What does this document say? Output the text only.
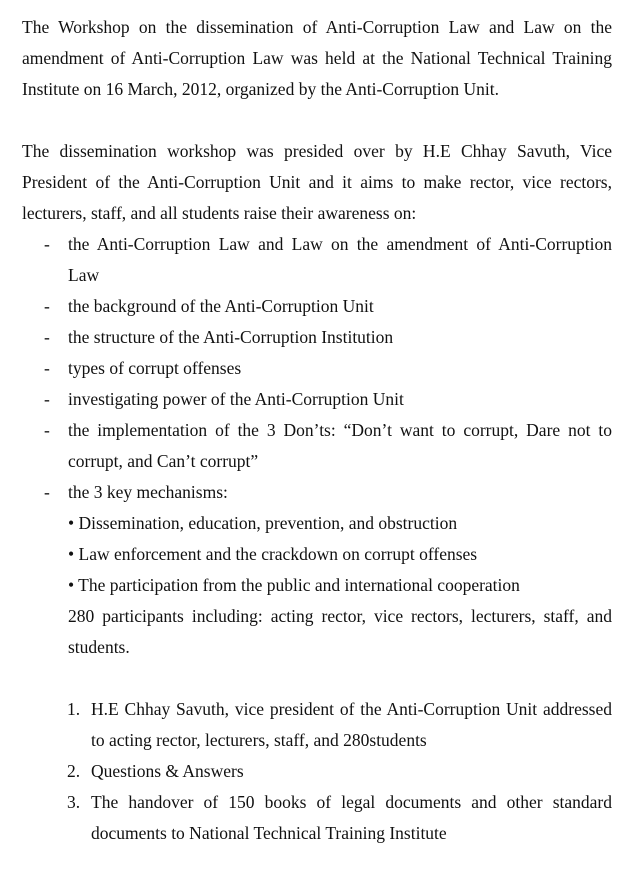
The Workshop on the dissemination of Anti-Corruption Law and Law on the amendment of Anti-Corruption Law was held at the National Technical Training Institute on 16 March, 2012, organized by the Anti-Corruption Unit.

The dissemination workshop was presided over by H.E Chhay Savuth, Vice President of the Anti-Corruption Unit and it aims to make rector, vice rectors, lecturers, staff, and all students raise their awareness on:

- the Anti-Corruption Law and Law on the amendment of Anti-Corruption Law
- the background of the Anti-Corruption Unit
- the structure of the Anti-Corruption Institution
- types of corrupt offenses
- investigating power of the Anti-Corruption Unit
- the implementation of the 3 Don’ts: “Don’t want to corrupt, Dare not to corrupt, and Can’t corrupt”
- the 3 key mechanisms:
• Dissemination, education, prevention, and obstruction
• Law enforcement and the crackdown on corrupt offenses
• The participation from the public and international cooperation

280 participants including: acting rector, vice rectors, lecturers, staff, and students.

1. H.E Chhay Savuth, vice president of the Anti-Corruption Unit addressed to acting rector, lecturers, staff, and 280students
2. Questions & Answers
3. The handover of 150 books of legal documents and other standard documents to National Technical Training Institute
